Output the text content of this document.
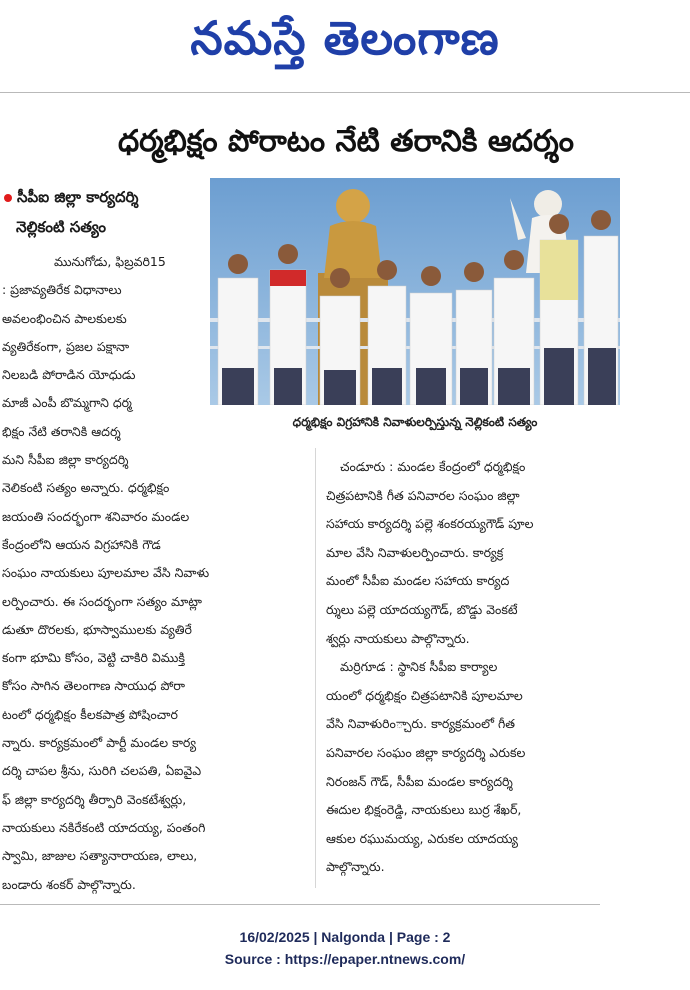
నమస్తే తెలంగాణ
ధర్మభిక్షం పోరాటం నేటి తరానికి ఆదర్శం
సీపీఐ జిల్లా కార్యదర్శి
నెల్లికంటి సత్యం
ధర్మభిక్షం విగ్రహానికి నివాళులర్పిస్తున్న నెల్లికంటి సత్యం
మునుగోడు, ఫిబ్రవరి15
: ప్రజావ్యతిరేక విధానాలు
అవలంభించిన పాలకులకు
వ్యతిరేకంగా, ప్రజల పక్షానా
నిలబడి పోరాడిన యోధుడు
మాజీ ఎంపీ బొమ్మగాని ధర్మ
భిక్షం నేటి తరానికి ఆదర్శ
మని సీపీఐ జిల్లా కార్యదర్శి
నెలికంటి సత్యం అన్నారు. ధర్మభిక్షం
జయంతి సందర్భంగా శనివారం మండల
కేంద్రంలోని ఆయన విగ్రహానికి గౌడ
సంఘం నాయకులు పూలమాల వేసి నివాళు
లర్పించారు. ఈ సందర్భంగా సత్యం మాట్లా
డుతూ దొరలకు, భూస్వాములకు వ్యతిరే
కంగా భూమి కోసం, వెట్టి చాకిరి విముక్తి
కోసం సాగిన తెలంగాణ సాయుధ పోరా
టంలో ధర్మభిక్షం కీలకపాత్ర పోషించార
న్నారు. కార్యక్రమంలో పార్టీ మండల కార్య
దర్శి చాపల శ్రీను, సురిగి చలపతి, ఏఐవైఎ
ఫ్ జిల్లా కార్యదర్శి తీర్పారి వెంకటేశ్వర్లు,
నాయకులు నకిరేకంటి యాదయ్య, పంతంగి
స్వామి, జాజుల సత్యానారాయణ, లాలు,
బండారు శంకర్ పాల్గొన్నారు.
చండూరు : మండల కేంద్రంలో ధర్మభిక్షం
చిత్రపటానికి గీత పనివారల సంఘం జిల్లా
సహాయ కార్యదర్శి పల్లె శంకరయ్యగౌడ్ పూల
మాల వేసి నివాళులర్పించారు. కార్యక్ర
మంలో సీపీఐ మండల సహాయ కార్యద
ర్శులు పల్లె యాదయ్యగౌడ్, బొడ్డు వెంకటే
శ్వర్లు నాయకులు పాల్గొన్నారు.
మర్రిగూడ : స్థానిక సీపీఐ కార్యాల
యంలో ధర్మభిక్షం చిత్రపటానికి పూలమాల
వేసి నివాళురిం్చారు. కార్యక్రమంలో గీత
పనివారల సంఘం జిల్లా కార్యదర్శి ఎరుకల
నిరంజన్ గౌడ్, సీపీఐ మండల కార్యదర్శి
ఈదుల భిక్షంరెడ్డి, నాయకులు బుర్ర శేఖర్,
ఆకుల రఘుమయ్య, ఎరుకల యాదయ్య
పాల్గొన్నారు.
16/02/2025 | Nalgonda | Page : 2
Source : https://epaper.ntnews.com/
